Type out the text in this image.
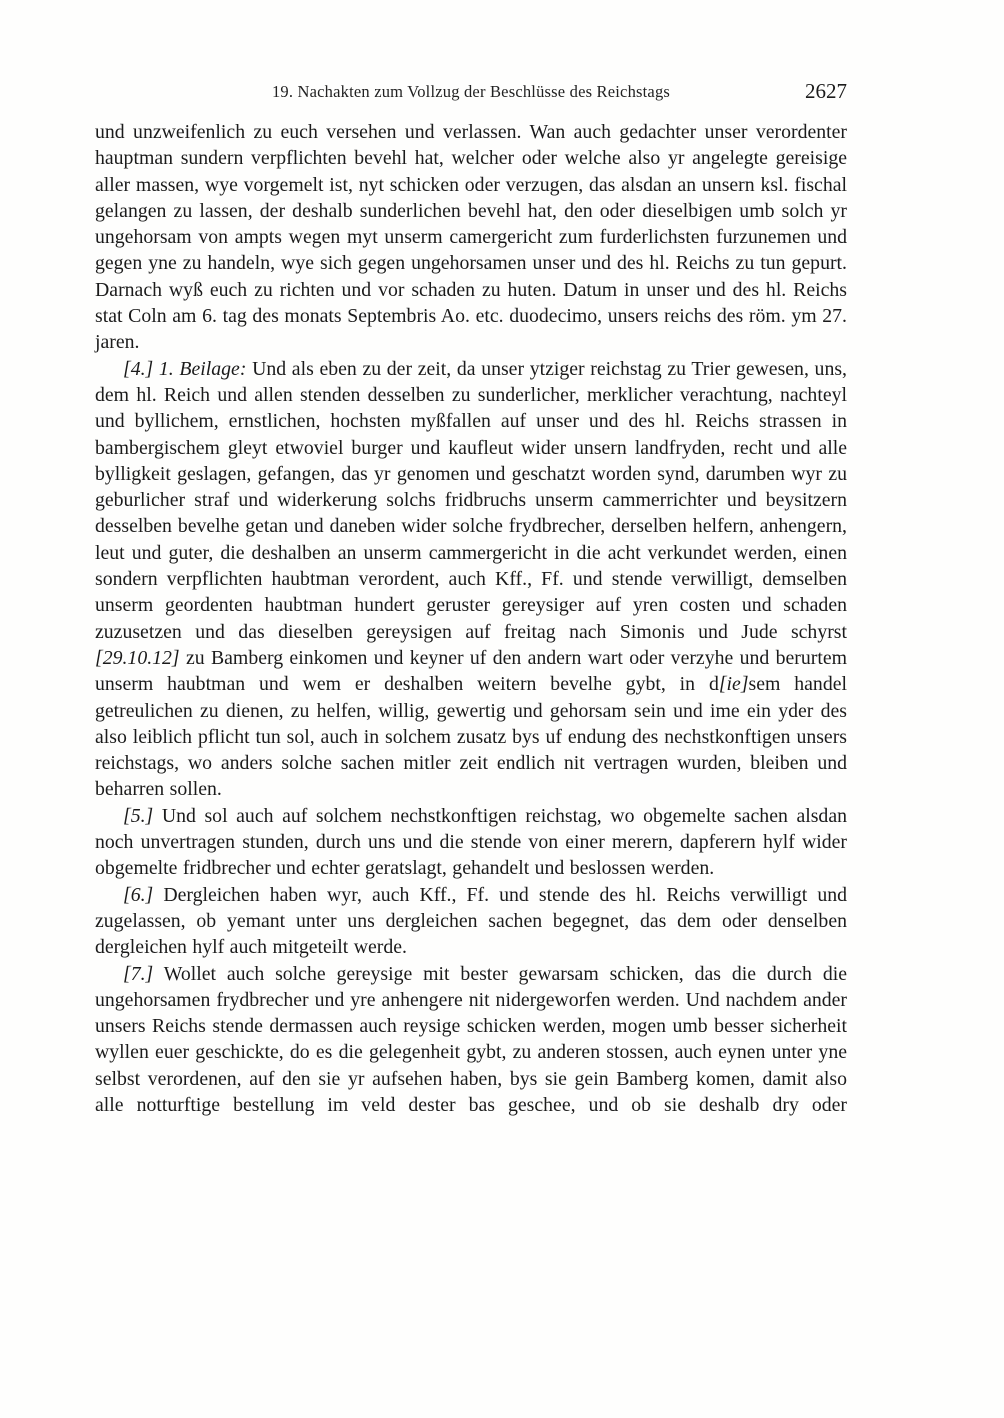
19. Nachakten zum Vollzug der Beschlüsse des Reichstags	2627

und unzweifenlich zu euch versehen und verlassen. Wan auch gedachter unser verordenter hauptman sundern verpflichten bevehl hat, welcher oder welche also yr angelegte gereisige aller massen, wye vorgemelt ist, nyt schicken oder verzugen, das alsdan an unsern ksl. fischal gelangen zu lassen, der deshalb sunderlichen bevehl hat, den oder dieselbigen umb solch yr ungehorsam von ampts wegen myt unserm camergericht zum furderlichsten furzunemen und gegen yne zu handeln, wye sich gegen ungehorsamen unser und des hl. Reichs zu tun gepurt. Darnach wyß euch zu richten und vor schaden zu huten. Datum in unser und des hl. Reichs stat Coln am 6. tag des monats Septembris Ao. etc. duodecimo, unsers reichs des röm. ym 27. jaren.

[4.] 1. Beilage: Und als eben zu der zeit, da unser ytziger reichstag zu Trier gewesen, uns, dem hl. Reich und allen stenden desselben zu sunderlicher, merklicher verachtung, nachteyl und byllichem, ernstlichen, hochsten myßfallen auf unser und des hl. Reichs strassen in bambergischem gleyt etwoviel burger und kaufleut wider unsern landfryden, recht und alle bylligkeit geslagen, gefangen, das yr genomen und geschatzt worden synd, darumben wyr zu geburlicher straf und widerkerung solchs fridbruchs unserm cammerrichter und beysitzern desselben bevelhe getan und daneben wider solche frydbrecher, derselben helfern, anhengern, leut und guter, die deshalben an unserm cammergericht in die acht verkundet werden, einen sondern verpflichten haubtman verordent, auch Kff., Ff. und stende verwilligt, demselben unserm geordenten haubtman hundert geruster gereysiger auf yren costen und schaden zuzusetzen und das dieselben gereysigen auf freitag nach Simonis und Jude schyrst [29.10.12] zu Bamberg einkomen und keyner uf den andern wart oder verzyhe und berurtem unserm haubtman und wem er deshalben weitern bevelhe gybt, in d[ie]sem handel getreulichen zu dienen, zu helfen, willig, gewertig und gehorsam sein und ime ein yder des also leiblich pflicht tun sol, auch in solchem zusatz bys uf endung des nechstkonftigen unsers reichstags, wo anders solche sachen mitler zeit endlich nit vertragen wurden, bleiben und beharren sollen.

[5.] Und sol auch auf solchem nechstkonftigen reichstag, wo obgemelte sachen alsdan noch unvertragen stunden, durch uns und die stende von einer merern, dapferern hylf wider obgemelte fridbrecher und echter geratslagt, gehandelt und beslossen werden.

[6.] Dergleichen haben wyr, auch Kff., Ff. und stende des hl. Reichs verwilligt und zugelassen, ob yemant unter uns dergleichen sachen begegnet, das dem oder denselben dergleichen hylf auch mitgeteilt werde.

[7.] Wollet auch solche gereysige mit bester gewarsam schicken, das die durch die ungehorsamen frydbrecher und yre anhengere nit nidergeworfen werden. Und nachdem ander unsers Reichs stende dermassen auch reysige schicken werden, mogen umb besser sicherheit wyllen euer geschickte, do es die gelegenheit gybt, zu anderen stossen, auch eynen unter yne selbst verordenen, auf den sie yr aufsehen haben, bys sie gein Bamberg komen, damit also alle notturftige bestellung im veld dester bas geschee, und ob sie deshalb dry oder
